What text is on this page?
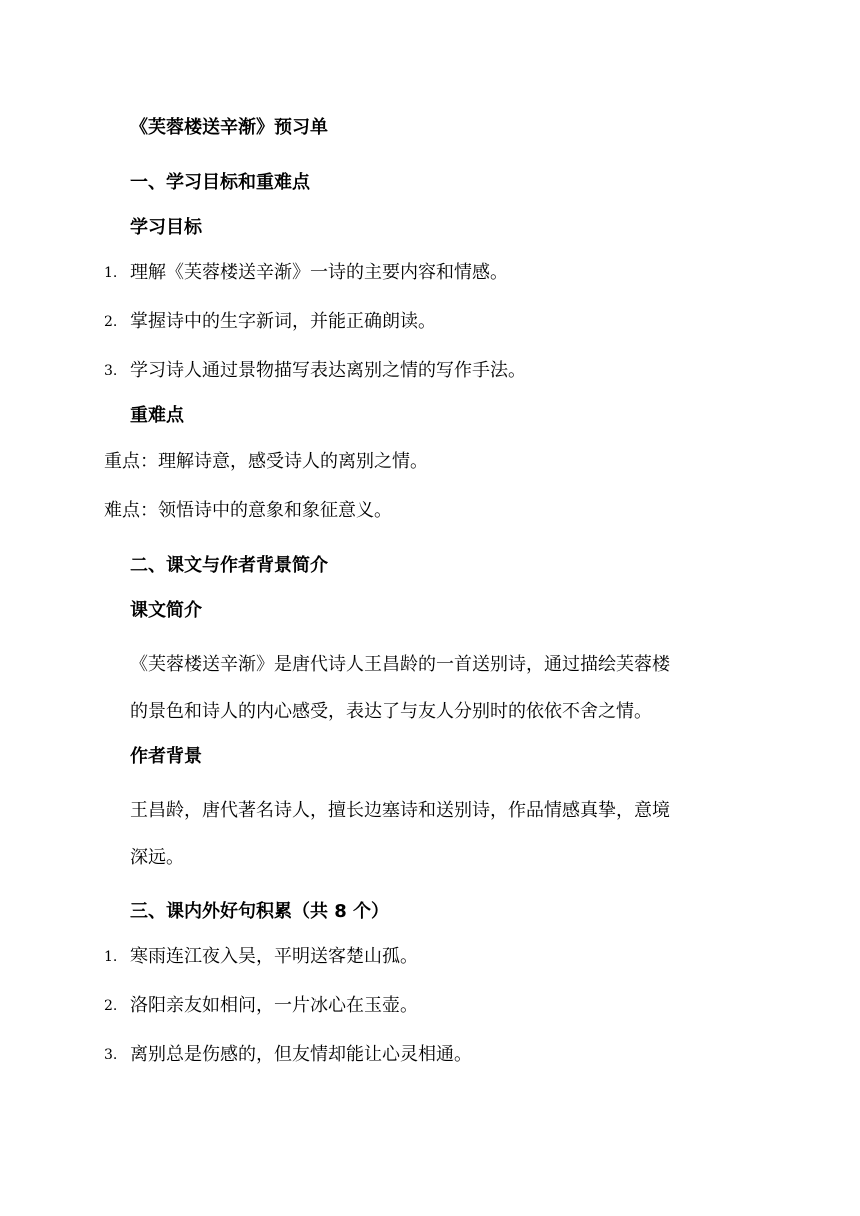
《芙蓉楼送辛渐》预习单
一、学习目标和重难点
学习目标
1. 理解《芙蓉楼送辛渐》一诗的主要内容和情感。
2. 掌握诗中的生字新词，并能正确朗读。
3. 学习诗人通过景物描写表达离别之情的写作手法。
重难点
重点：理解诗意，感受诗人的离别之情。
难点：领悟诗中的意象和象征意义。
二、课文与作者背景简介
课文简介
《芙蓉楼送辛渐》是唐代诗人王昌龄的一首送别诗，通过描绘芙蓉楼
的景色和诗人的内心感受，表达了与友人分别时的依依不舍之情。
作者背景
王昌龄，唐代著名诗人，擅长边塞诗和送别诗，作品情感真挚，意境
深远。
三、课内外好句积累（共 8 个）
1. 寒雨连江夜入吴，平明送客楚山孤。
2. 洛阳亲友如相问，一片冰心在玉壶。
3. 离别总是伤感的，但友情却能让心灵相通。
